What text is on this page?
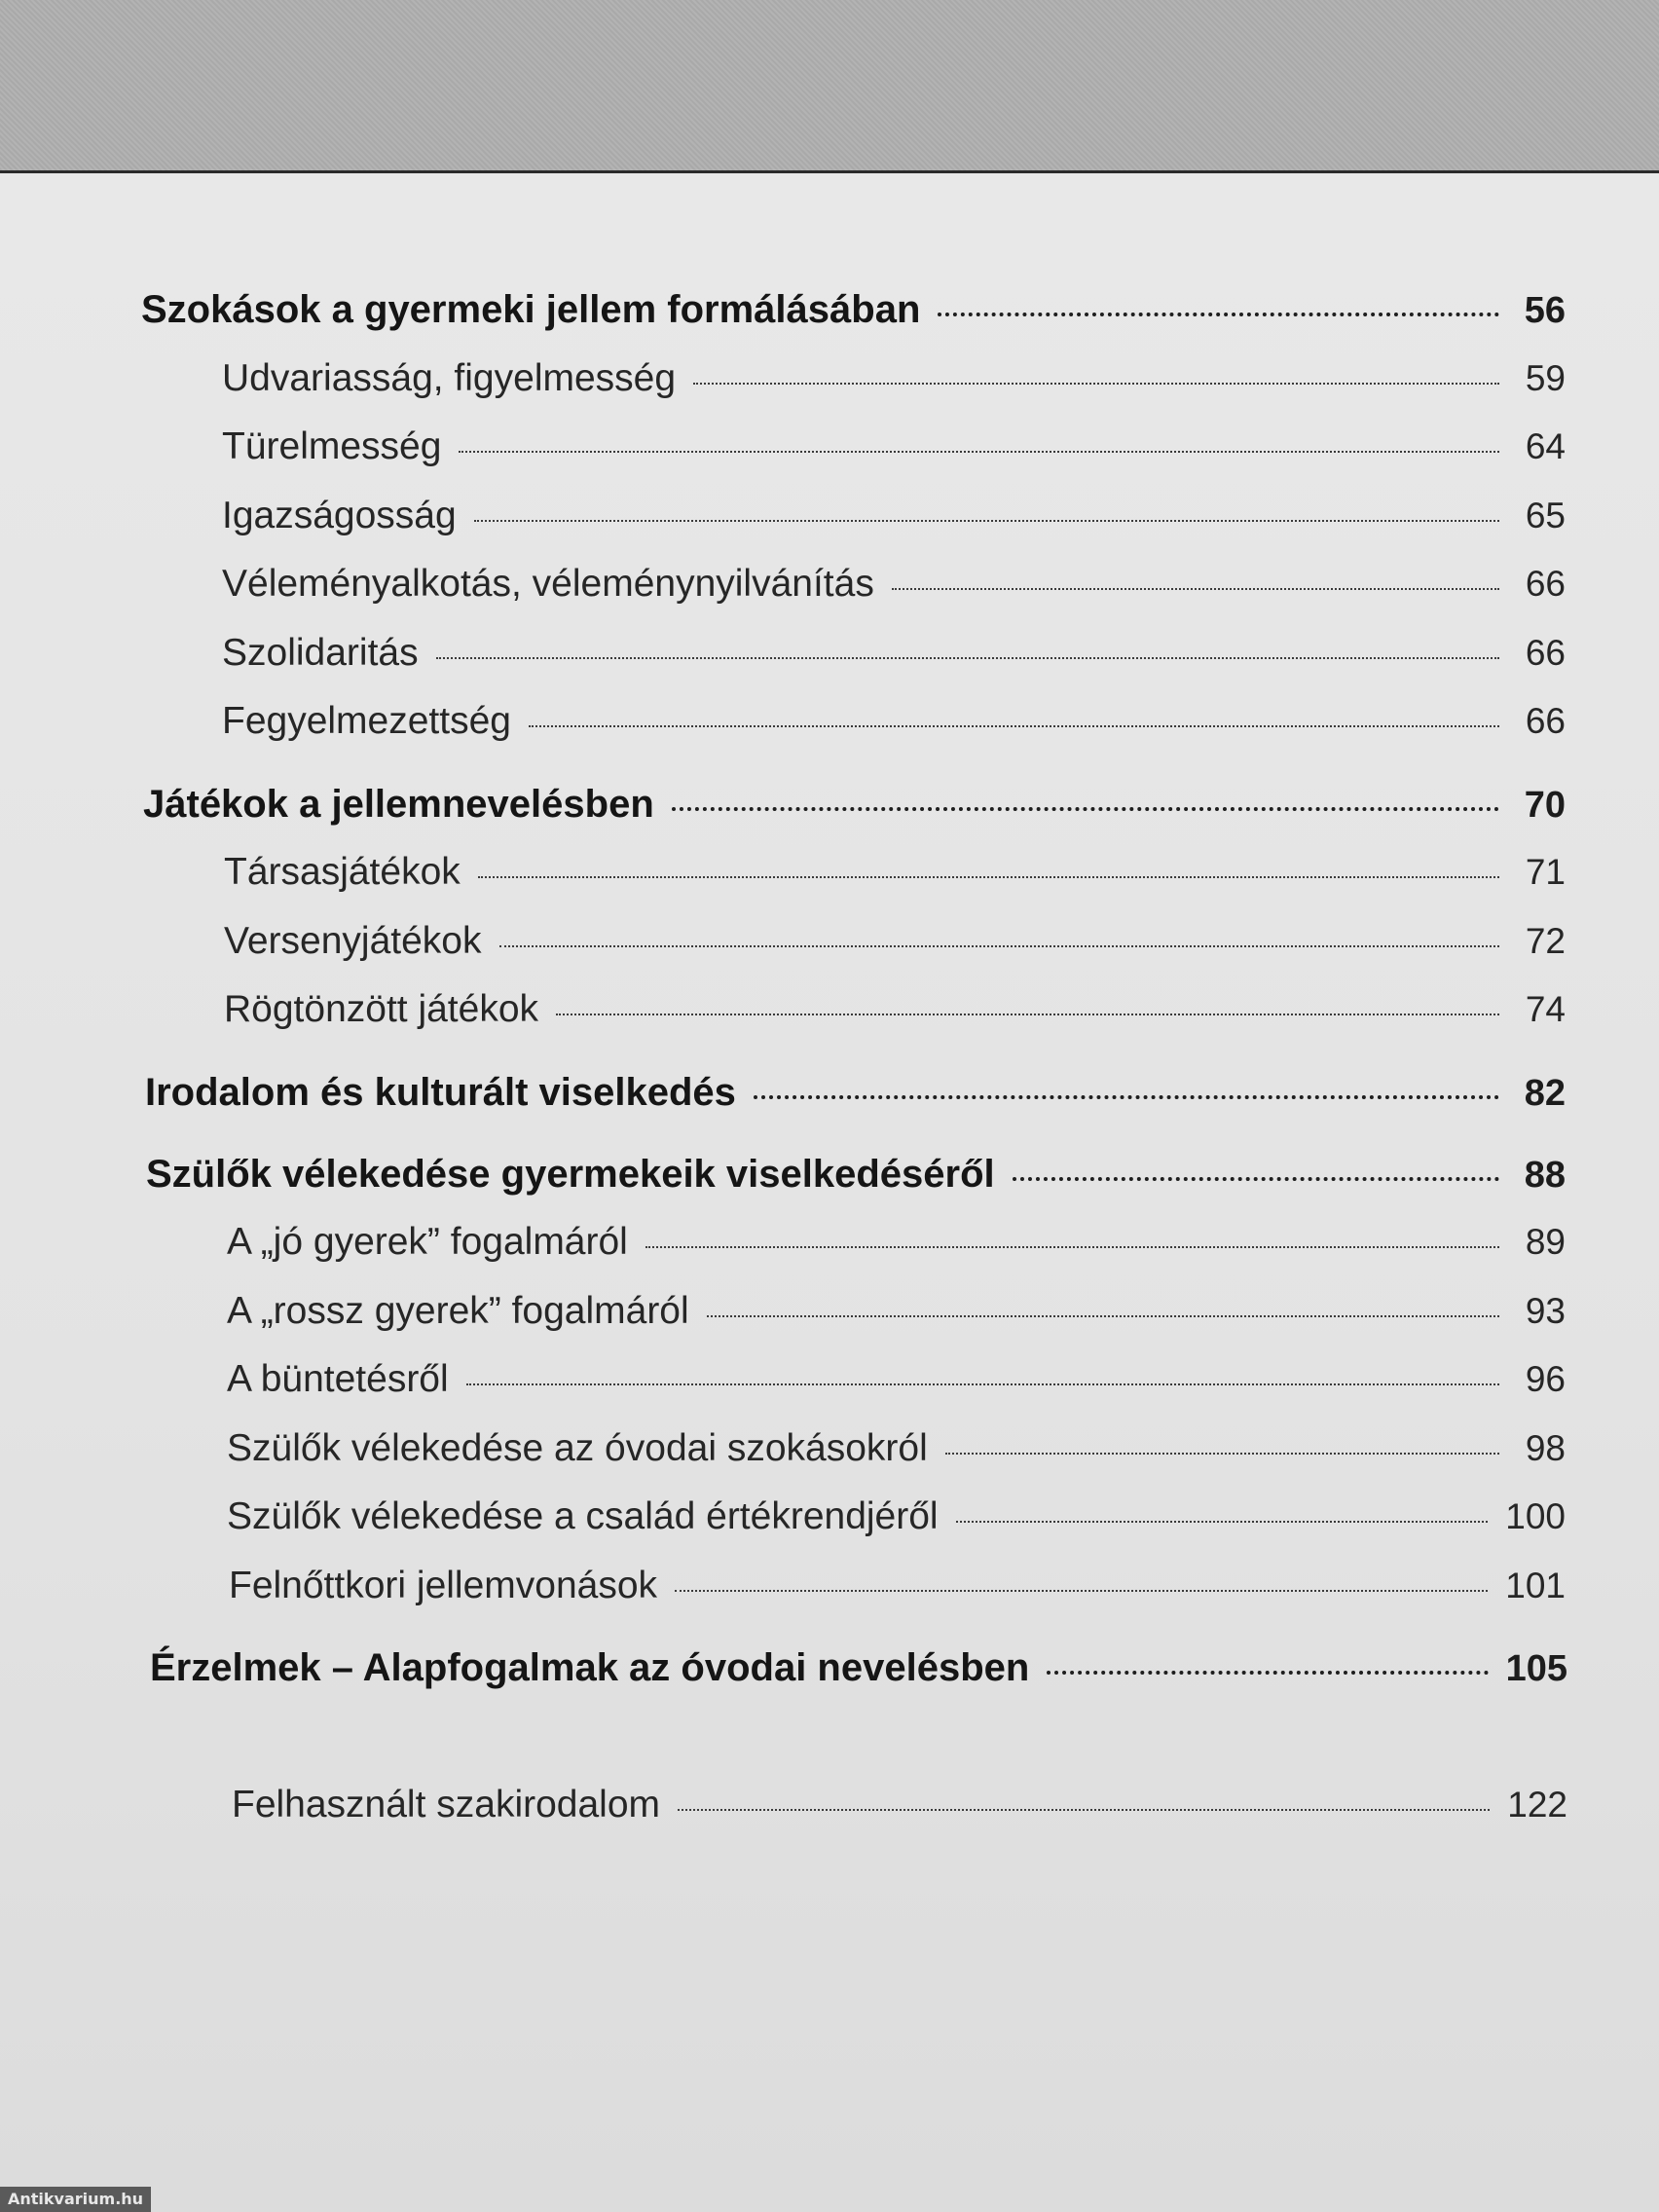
Szokások a gyermeki jellem formálásában	56
Udvariasság, figyelmesség	59
Türelmesség	64
Igazságosság	65
Véleményalkotás, véleménynyilvánítás	66
Szolidaritás	66
Fegyelmezettség	66
Játékok a jellemnevelésben	70
Társasjátékok	71
Versenyjátékok	72
Rögtönzött játékok	74
Irodalom és kulturált viselkedés	82
Szülők vélekedése gyermekeik viselkedéséről	88
A „jó gyerek” fogalmáról	89
A „rossz gyerek” fogalmáról	93
A büntetésről	96
Szülők vélekedése az óvodai szokásokról	98
Szülők vélekedése a család értékrendjéről	100
Felnőttkori jellemvonások	101
Érzelmek – Alapfogalmak az óvodai nevelésben	105
Felhasznált szakirodalom	122
Antikvarium.hu
